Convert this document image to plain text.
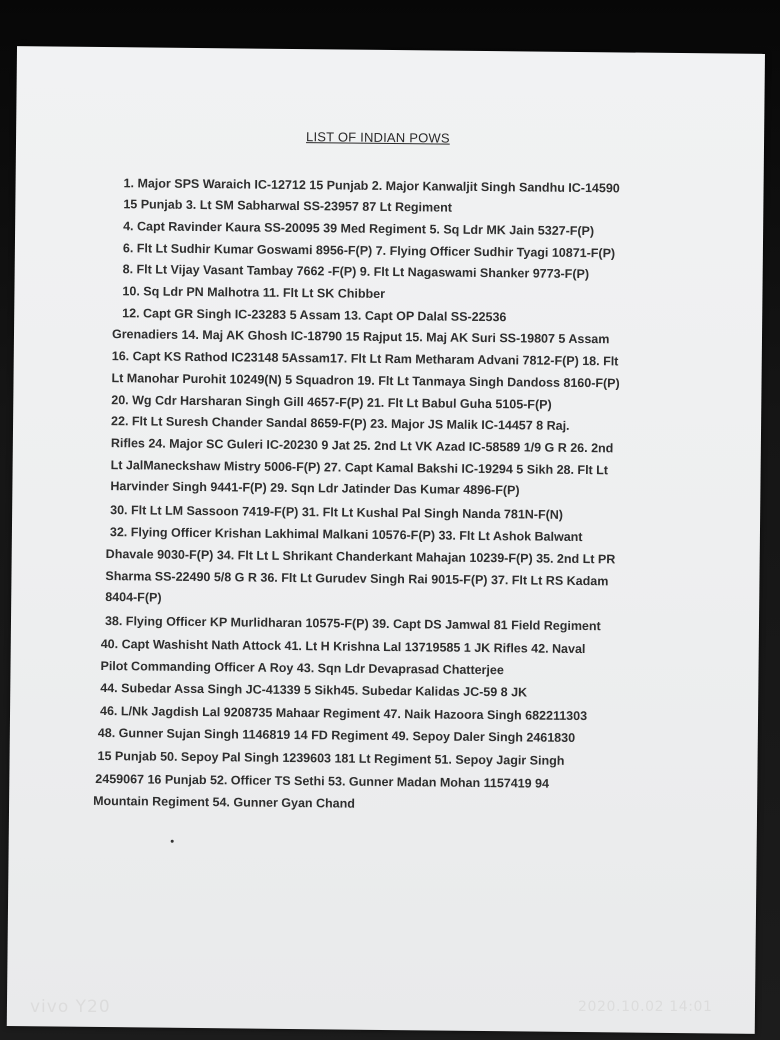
LIST OF INDIAN POWS
1. Major SPS Waraich IC-12712 15 Punjab 2. Major Kanwaljit Singh Sandhu IC-14590
15 Punjab 3. Lt SM Sabharwal SS-23957 87 Lt Regiment
4. Capt Ravinder Kaura SS-20095 39 Med Regiment 5. Sq Ldr MK Jain 5327-F(P)
6. Flt Lt Sudhir Kumar Goswami 8956-F(P) 7. Flying Officer Sudhir Tyagi 10871-F(P)
8. Flt Lt Vijay Vasant Tambay 7662 -F(P) 9. Flt Lt Nagaswami Shanker 9773-F(P)
10. Sq Ldr PN Malhotra 11. Flt Lt SK Chibber
12. Capt GR Singh IC-23283 5 Assam 13. Capt OP Dalal SS-22536
Grenadiers 14. Maj AK Ghosh IC-18790 15 Rajput 15. Maj AK Suri SS-19807 5 Assam
16. Capt KS Rathod IC23148 5Assam17. Flt Lt Ram Metharam Advani 7812-F(P) 18. Flt
Lt Manohar Purohit 10249(N) 5 Squadron 19. Flt Lt Tanmaya Singh Dandoss 8160-F(P)
20. Wg Cdr Harsharan Singh Gill 4657-F(P) 21. Flt Lt Babul Guha 5105-F(P)
22. Flt Lt Suresh Chander Sandal 8659-F(P) 23. Major JS Malik IC-14457 8 Raj.
Rifles 24. Major SC Guleri IC-20230 9 Jat 25. 2nd Lt VK Azad IC-58589 1/9 G R 26. 2nd
Lt JalManeckshaw Mistry 5006-F(P) 27. Capt Kamal Bakshi IC-19294 5 Sikh 28. Flt Lt
Harvinder Singh 9441-F(P) 29. Sqn Ldr Jatinder Das Kumar 4896-F(P)
30. Flt Lt LM Sassoon 7419-F(P) 31. Flt Lt Kushal Pal Singh Nanda 781N-F(N)
32. Flying Officer Krishan Lakhimal Malkani 10576-F(P) 33. Flt Lt Ashok Balwant
Dhavale 9030-F(P) 34. Flt Lt L Shrikant Chanderkant Mahajan 10239-F(P) 35. 2nd Lt PR
Sharma SS-22490 5/8 G R 36. Flt Lt Gurudev Singh Rai 9015-F(P) 37. Flt Lt RS Kadam
8404-F(P)
38. Flying Officer KP Murlidharan 10575-F(P) 39. Capt DS Jamwal 81 Field Regiment
40. Capt Washisht Nath Attock 41. Lt H Krishna Lal 13719585 1 JK Rifles 42. Naval
Pilot Commanding Officer A Roy 43. Sqn Ldr Devaprasad Chatterjee
44. Subedar Assa Singh JC-41339 5 Sikh45. Subedar Kalidas JC-59 8 JK
46. L/Nk Jagdish Lal 9208735 Mahaar Regiment 47. Naik Hazoora Singh 682211303
48. Gunner Sujan Singh 1146819 14 FD Regiment 49. Sepoy Daler Singh 2461830
15 Punjab 50. Sepoy Pal Singh 1239603 181 Lt Regiment 51. Sepoy Jagir Singh
2459067 16 Punjab 52. Officer TS Sethi 53. Gunner Madan Mohan 1157419 94
Mountain Regiment 54. Gunner Gyan Chand
vivo Y20	2020.10.02 14:01
